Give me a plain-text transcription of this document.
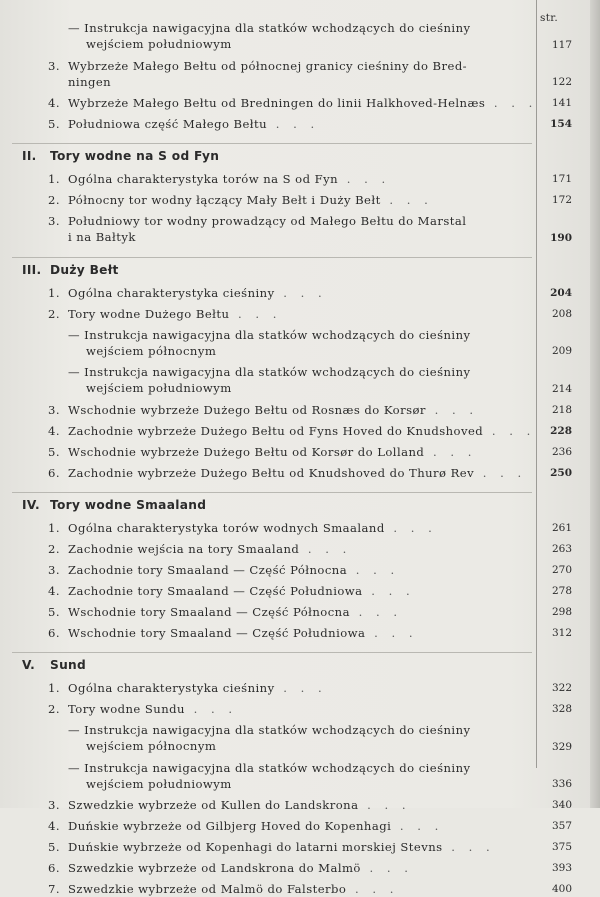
str.
— Instrukcja nawigacyjna dla statków wchodzących do cieśniny
wejściem południowym	117
3. Wybrzeże Małego Bełtu od północnej granicy cieśniny do Bred-
ningen	122
4. Wybrzeże Małego Bełtu od Bredningen do linii Halkhoved-Helnæs . . .	141
5. Południowa część Małego Bełtu . . .	154
II. Tory wodne na S od Fyn
1. Ogólna charakterystyka torów na S od Fyn . . .	171
2. Północny tor wodny łączący Mały Bełt i Duży Bełt . . .	172
3. Południowy tor wodny prowadzący od Małego Bełtu do Marstal
i na Bałtyk	190
III. Duży Bełt
1. Ogólna charakterystyka cieśniny . . .	204
2. Tory wodne Dużego Bełtu . . .	208
— Instrukcja nawigacyjna dla statków wchodzących do cieśniny
wejściem północnym	209
— Instrukcja nawigacyjna dla statków wchodzących do cieśniny
wejściem południowym	214
3. Wschodnie wybrzeże Dużego Bełtu od Rosnæs do Korsør . . .	218
4. Zachodnie wybrzeże Dużego Bełtu od Fyns Hoved do Knudshoved . . .	228
5. Wschodnie wybrzeże Dużego Bełtu od Korsør do Lolland . . .	236
6. Zachodnie wybrzeże Dużego Bełtu od Knudshoved do Thurø Rev . . .	250
IV. Tory wodne Smaaland
1. Ogólna charakterystyka torów wodnych Smaaland . . .	261
2. Zachodnie wejścia na tory Smaaland . . .	263
3. Zachodnie tory Smaaland — Część Północna . . .	270
4. Zachodnie tory Smaaland — Część Południowa . . .	278
5. Wschodnie tory Smaaland — Część Północna . . .	298
6. Wschodnie tory Smaaland — Część Południowa . . .	312
V. Sund
1. Ogólna charakterystyka cieśniny . . .	322
2. Tory wodne Sundu . . .	328
— Instrukcja nawigacyjna dla statków wchodzących do cieśniny
wejściem północnym	329
— Instrukcja nawigacyjna dla statków wchodzących do cieśniny
wejściem południowym	336
3. Szwedzkie wybrzeże od Kullen do Landskrona . . .	340
4. Duńskie wybrzeże od Gilbjerg Hoved do Kopenhagi . . .	357
5. Duńskie wybrzeże od Kopenhagi do latarni morskiej Stevns . . .	375
6. Szwedzkie wybrzeże od Landskrona do Malmö . . .	393
7. Szwedzkie wybrzeże od Malmö do Falsterbo . . .	400
